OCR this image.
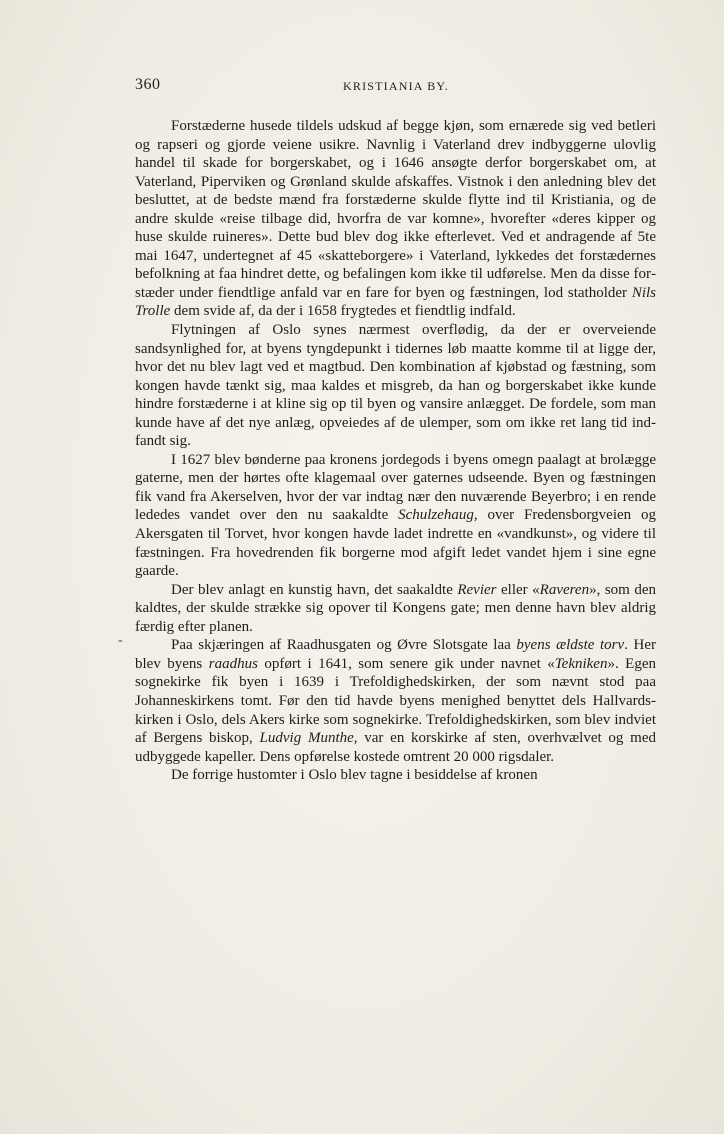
360	KRISTIANIA BY.
-

Forstæderne husede tildels udskud af begge kjøn, som ernærede sig ved betleri og rapseri og gjorde veiene usikre. Navnlig i Vaterland drev indbyggerne ulovlig handel til skade for borgerskabet, og i 1646 ansøgte derfor borgerskabet om, at Vaterland, Piperviken og Grønland skulde afskaffes. Vistnok i den anledning blev det besluttet, at de bedste mænd fra forstæderne skulde flytte ind til Kristiania, og de andre skulde «reise tilbage did, hvorfra de var komne», hvorefter «deres kipper og huse skulde ruineres». Dette bud blev dog ikke efterlevet. Ved et andragende af 5te mai 1647, undertegnet af 45 «skatteborgere» i Vaterland, lykkedes det forstædernes befolkning at faa hindret dette, og befalingen kom ikke til udførelse. Men da disse forstæder under fiendtlige anfald var en fare for byen og fæstningen, lod statholder Nils Trolle dem svide af, da der i 1658 frygtedes et fiendtlig indfald.

Flytningen af Oslo synes nærmest overflødig, da der er overveiende sandsynlighed for, at byens tyngdepunkt i tidernes løb maatte komme til at ligge der, hvor det nu blev lagt ved et magtbud. Den kombination af kjøbstad og fæstning, som kongen havde tænkt sig, maa kaldes et misgreb, da han og borgerskabet ikke kunde hindre forstæderne i at kline sig op til byen og vansire anlægget. De fordele, som man kunde have af det nye anlæg, opveiedes af de ulemper, som om ikke ret lang tid indfandt sig.

I 1627 blev bønderne paa kronens jordegods i byens omegn paalagt at brolægge gaterne, men der hørtes ofte klagemaal over gaternes udseende. Byen og fæstningen fik vand fra Akerselven, hvor der var indtag nær den nuværende Beyerbro; i en rende lededes vandet over den nu saakaldte Schulzehaug, over Fredensborgveien og Akersgaten til Torvet, hvor kongen havde ladet indrette en «vandkunst», og videre til fæstningen. Fra hovedrenden fik borgerne mod afgift ledet vandet hjem i sine egne gaarde.

Der blev anlagt en kunstig havn, det saakaldte Revier eller «Raveren», som den kaldtes, der skulde strække sig opover til Kongens gate; men denne havn blev aldrig færdig efter planen.

Paa skjæringen af Raadhusgaten og Øvre Slotsgate laa byens ældste torv. Her blev byens raadhus opført i 1641, som senere gik under navnet «Tekniken». Egen sognekirke fik byen i 1639 i Trefoldighedskirken, der som nævnt stod paa Johanneskirkens tomt. Før den tid havde byens menighed benyttet dels Hallvardskirken i Oslo, dels Akers kirke som sognekirke. Trefoldighedskirken, som blev indviet af Bergens biskop, Ludvig Munthe, var en korskirke af sten, overhvælvet og med udbyggede kapeller. Dens opførelse kostede omtrent 20 000 rigsdaler.

De forrige hustomter i Oslo blev tagne i besiddelse af kronen
